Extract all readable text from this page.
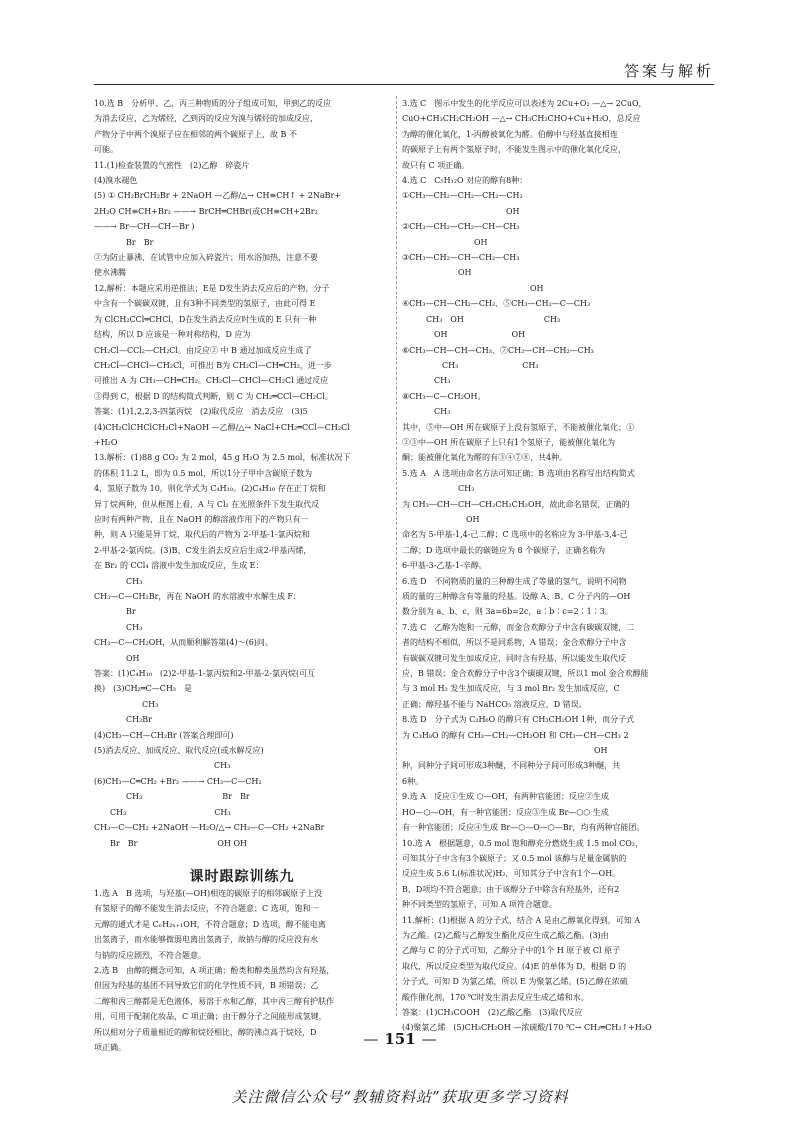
答案与解析

10.选 B　分析甲、乙、丙三种物质的分子组成可知，甲到乙的反应

为消去反应，乙为烯烃，乙到丙的反应为溴与烯烃的加成反应，

产物分子中两个溴原子应在相邻的两个碳原子上，故 B 不

可能。

11.(1)检查装置的气密性　(2)乙醇　碎瓷片

(4)溴水褪色

(5) ① CH₂BrCH₂Br + 2NaOH —乙醇/△→ CH≡CH↑ + 2NaBr+

2H₂O CH≡CH+Br₂ ——→ BrCH═CHBr(或CH≡CH+2Br₂

——→ Br—CH—CH—Br )

　　　　Br　Br

②为防止暴沸，在试管中应加入碎瓷片；用水浴加热，注意不要

使水沸腾

12.解析：本题应采用逆推法；E是 D发生消去反应后的产物，分子

中含有一个碳碳双键，且有3种不同类型的氢原子，由此可得 E

为 ClCH₂CCl═CHCl，D在发生消去反应时生成的 E 只有一种

结构，所以 D 应该是一种对称结构，D 应为

CH₂Cl—CCl₂—CH₂Cl。由反应② 中 B 通过加成反应生成了

CH₂Cl—CHCl—CH₂Cl，可推出 B为 CH₂Cl—CH═CH₂，进一步

可推出 A 为 CH₃—CH═CH₂。CH₂Cl—CHCl—CH₂Cl 通过反应

③得到 C，根据 D 的结构简式判断，则 C 为 CH₂═CCl—CH₂Cl。

答案：(1)1,2,2,3-四氯丙烷　(2)取代反应　消去反应　(3)5

(4)CH₂ClCHClCH₂Cl+NaOH —乙醇/△→ NaCl+CH₂═CCl—CH₂Cl

+H₂O

13.解析：(1)88 g CO₂ 为 2 mol，45 g H₂O 为 2.5 mol，标准状况下

的体积 11.2 L，即为 0.5 mol，所以1分子甲中含碳原子数为

4，氢原子数为 10，则化学式为 C₄H₁₀。(2)C₄H₁₀ 存在正丁烷和

异丁烷两种，但从框图上看，A 与 Cl₂ 在光照条件下发生取代反

应时有两种产物，且在 NaOH 的醇溶液作用下的产物只有一

种，则 A 只能是异丁烷，取代后的产物为 2-甲基-1-氯丙烷和

2-甲基-2-氯丙烷。(3)B、C发生消去反应后生成2-甲基丙烯，

在 Br₂ 的 CCl₄ 溶液中发生加成反应，生成 E：

　　　　CH₃

CH₃—C—CH₂Br，再在 NaOH 的水溶液中水解生成 F：

　　　　Br

　　　　CH₃

CH₃—C—CH₂OH，从而顺利解答第(4)～(6)问。

　　　　OH

答案：(1)C₄H₁₀　(2)2-甲基-1-氯丙烷和2-甲基-2-氯丙烷(可互

换)　(3)CH₂═C—CH₃　是

　　　　　　CH₃

　　　　CH₂Br

(4)CH₃—CH—CH₂Br (答案合理即可)

(5)消去反应、加成反应、取代反应(或水解反应)

　　　　　　　　　　　　　　　CH₃

(6)CH₃—C═CH₂ +Br₂ ——→ CH₃—C—CH₂

　　　　CH₃　　　　　　　　　　Br　Br

　　CH₃　　　　　　　　　　　CH₃

CH₃—C—CH₂ +2NaOH —H₂O/△→ CH₃—C—CH₂ +2NaBr

　　Br　Br　　　　　　　　　　OH OH

课时跟踪训练九

1.选 A　B 选项，与羟基(—OH)相连的碳原子的相邻碳原子上没

有氢原子的醇不能发生消去反应，不符合题意；C 选项，饱和一

元醇的通式才是 CₙH₂ₙ₊₁OH，不符合题意；D 选项，醇不能电离

出氢离子，而水能够微弱电离出氢离子，故钠与醇的反应没有水

与钠的反应剧烈，不符合题意。

2.选 B　由醇的概念可知，A 项正确；酚类和醇类虽然均含有羟基，

但因为羟基的基团不同导致它们的化学性质不同，B 项错误；乙

二醇和丙三醇都是无色液体，易溶于水和乙醇，其中丙三醇有护肤作

用，可用于配制化妆品，C 项正确；由于醇分子之间能形成氢键，

所以相对分子质量相近的醇和烷烃相比，醇的沸点高于烷烃，D

项正确。

3.选 C　图示中发生的化学反应可以表述为 2Cu+O₂ —△→ 2CuO，

CuO+CH₃CH₂CH₂OH —△→ CH₃CH₂CHO+Cu+H₂O，总反应

为醇的催化氧化，1-丙醇被氧化为醛。伯醇中与羟基直接相连

的碳原子上有两个氢原子时，不能发生图示中的催化氧化反应，

故只有 C 项正确。

4.选 C　C₅H₁₂O 对应的醇有8种：

①CH₃—CH₂—CH₂—CH₂—CH₂

　　　　　　　　　　　　　OH

②CH₃—CH₂—CH₂—CH—CH₃

　　　　　　　　　OH

③CH₃—CH₂—CH—CH₂—CH₃

　　　　　　　OH

　　　　　　　　　　　　　　　　OH

④CH₃—CH—CH₂—CH₂、⑤CH₃—CH₂—C—CH₃

　　　CH₃　OH　　　　　　　　　　CH₃

　　　　OH　　　　　　　　OH

⑥CH₃—CH—CH—CH₃、⑦CH₂—CH—CH₂—CH₃

　　　　　CH₃　　　　　　　　CH₃

　　　　CH₃

⑧CH₃—C—CH₂OH。

　　　　CH₃

其中，⑤中—OH 所在碳原子上没有氢原子，不能被催化氧化；①

②③中—OH 所在碳原子上只有1个氢原子，能被催化氧化为

酮；能被催化氧化为醛的有③④⑦⑧，共4种。

5.选 A　A 选项由命名方法可知正确；B 选项由名称写出结构简式

　　　　　　　CH₃

为 CH₃—CH—CH—CH₂CH₂CH₂OH，故此命名错误，正确的

　　　　　　　　OH

命名为 5-甲基-1,4-己二醇；C 选项中的名称应为 3-甲基-3,4-己

二醇；D 选项中最长的碳链应为 8 个碳原子，正确名称为

6-甲基-3-乙基-1-辛醇。

6.选 D　不同物质的量的三种醇生成了等量的氢气，说明不同物

质的量的三种醇含有等量的羟基。设醇 A、B、C 分子内的—OH

数分别为 a、b、c，则 3a=6b=2c，a∶b∶c=2∶1∶3。

7.选 C　乙醇为饱和一元醇，而金合欢醇分子中含有碳碳双键，二

者的结构不相似，所以不是同系物，A 错误；金合欢醇分子中含

有碳碳双键可发生加成反应，同时含有羟基，所以能发生取代反

应，B 错误；金合欢醇分子中含3个碳碳双键，所以1 mol 金合欢醇能

与 3 mol H₂ 发生加成反应，与 3 mol Br₂ 发生加成反应，C

正确；醇羟基不能与 NaHCO₃ 溶液反应，D 错误。

8.选 D　分子式为 C₂H₆O 的醇只有 CH₃CH₂OH 1种，而分子式

为 C₃H₈O 的醇有 CH₃—CH₂—CH₂OH 和 CH₃—CH—CH₃ 2

　　　　　　　　　　　　　　　　　　　　　　　　OH

种，同种分子间可形成3种醚，不同种分子间可形成3种醚，共

6种。

9.选 A　反应①生成 ⬡—OH，有两种官能团；反应②生成

HO—⬡—OH，有一种官能团；反应③生成 Br—⬡⬡ 生成

有一种官能团；反应④生成 Br—⬡—O—⬡—Br，均有两种官能团。

10.选 A　根据题意，0.5 mol 饱和醇充分燃烧生成 1.5 mol CO₂，

可知其分子中含有3个碳原子；又 0.5 mol 该醇与足量金属钠的

反应生成 5.6 L(标准状况)H₂，可知其分子中含有1个—OH。

B、D项均不符合题意；由于该醇分子中除含有羟基外，还有2

种不同类型的氢原子，可知 A 项符合题意。

11.解析：(1)根据 A 的分子式，结合 A 是由乙醇氧化得到，可知 A

为乙酸。(2)乙酸与乙醇发生酯化反应生成乙酸乙酯。(3)由

乙醇与 C 的分子式可知，乙醇分子中的1个 H 原子被 Cl 原子

取代，所以反应类型为取代反应。(4)E 的单体为 D，根据 D 的

分子式，可知 D 为氯乙烯，所以 E 为聚氯乙烯。(5)乙醇在浓硫

酸作催化剂，170 ℃时发生消去反应生成乙烯和水。

答案：(1)CH₃COOH　(2)乙酸乙酯　(3)取代反应

(4)聚氯乙烯　(5)CH₃CH₂OH —浓硫酸/170 ℃→ CH₂═CH₂↑+H₂O

— 151 —
关注微信公众号“教辅资料站”获取更多学习资料
